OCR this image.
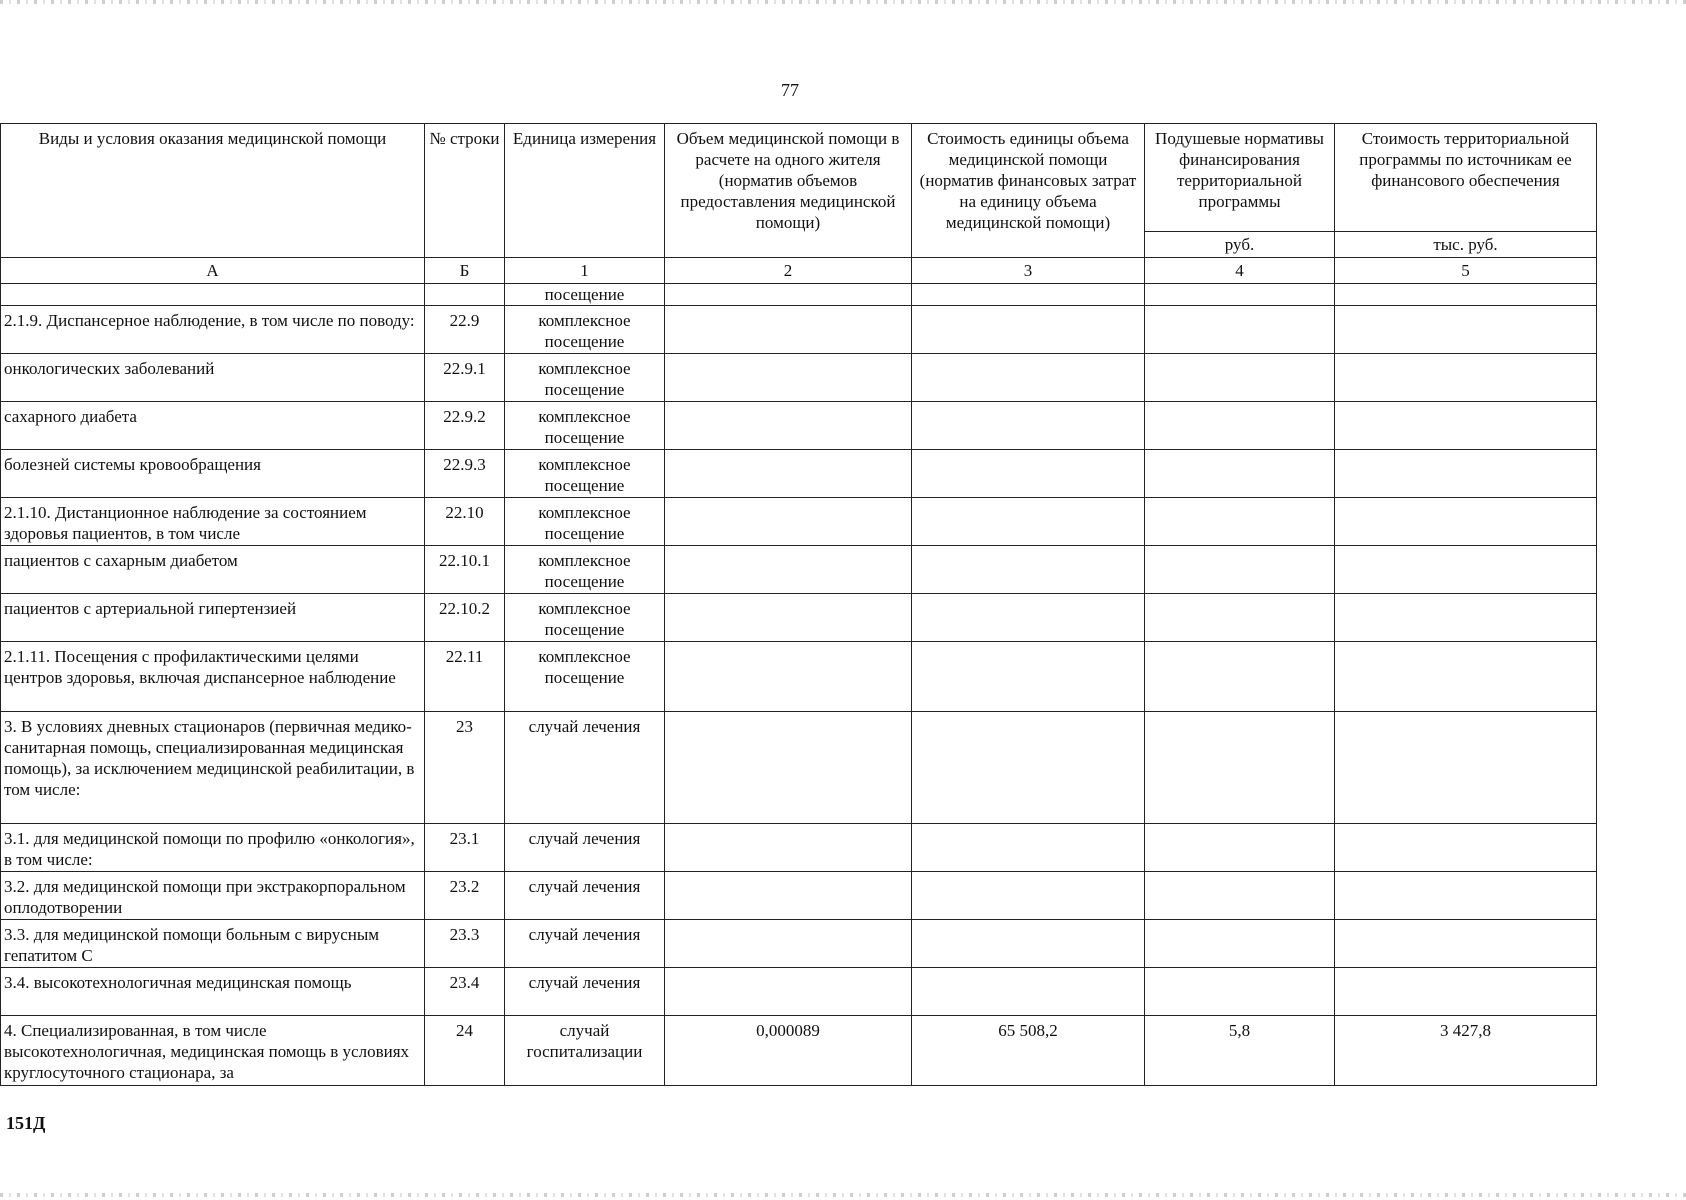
77
Виды и условия оказания медицинской помощи	№ строки	Единица измерения	Объем медицинской помощи в расчете на одного жителя (норматив объемов предоставления медицинской помощи)	Стоимость единицы объема медицинской помощи (норматив финансовых затрат на единицу объема медицинской помощи)	Подушевые нормативы финансирования территориальной программы	Стоимость территориальной программы по источникам ее финансового обеспечения
					руб.	тыс. руб.
А	Б	1	2	3	4	5
		посещение				
2.1.9. Диспансерное наблюдение, в том числе по поводу:	22.9	комплексное посещение				
онкологических заболеваний	22.9.1	комплексное посещение				
сахарного диабета	22.9.2	комплексное посещение				
болезней системы кровообращения	22.9.3	комплексное посещение				
2.1.10. Дистанционное наблюдение за состоянием здоровья пациентов, в том числе	22.10	комплексное посещение				
пациентов с сахарным диабетом	22.10.1	комплексное посещение				
пациентов с артериальной гипертензией	22.10.2	комплексное посещение				
2.1.11. Посещения с профилактическими целями центров здоровья, включая диспансерное наблюдение	22.11	комплексное посещение				
3. В условиях дневных стационаров (первичная медико-санитарная помощь, специализированная медицинская помощь), за исключением медицинской реабилитации, в том числе:	23	случай лечения				
3.1. для медицинской помощи по профилю «онкология», в том числе:	23.1	случай лечения				
3.2. для медицинской помощи при экстракорпоральном оплодотворении	23.2	случай лечения				
3.3. для медицинской помощи больным с вирусным гепатитом С	23.3	случай лечения				
3.4. высокотехнологичная медицинская помощь	23.4	случай лечения				
4. Специализированная, в том числе высокотехнологичная, медицинская помощь в условиях круглосуточного стационара, за	24	случай госпитализации	0,000089	65 508,2	5,8	3 427,8
151Д
